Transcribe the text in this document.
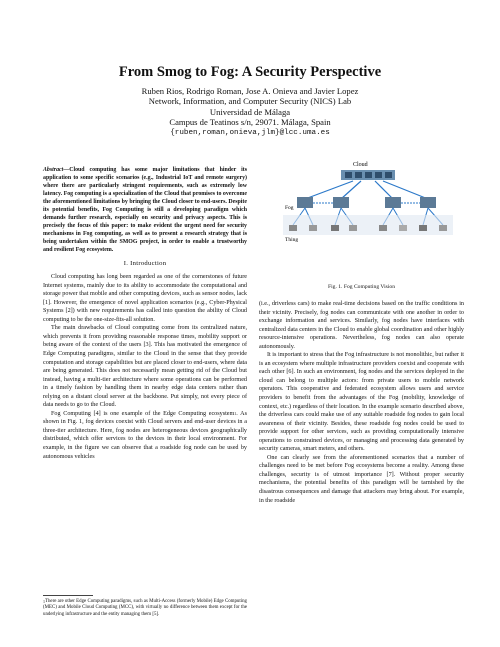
From Smog to Fog: A Security Perspective
Ruben Rios, Rodrigo Roman, Jose A. Onieva and Javier Lopez
Network, Information, and Computer Security (NICS) Lab
Universidad de Málaga
Campus de Teatinos s/n, 29071. Málaga, Spain
{ruben,roman,onieva,jlm}@lcc.uma.es
Abstract—Cloud computing has some major limitations that hinder its application to some specific scenarios (e.g., Industrial IoT and remote surgery) where there are particularly stringent requirements, such as extremely low latency. Fog computing is a specialization of the Cloud that promises to overcome the aforementioned limitations by bringing the Cloud closer to end-users. Despite its potential benefits, Fog Computing is still a developing paradigm which demands further research, especially on security and privacy aspects. This is precisely the focus of this paper: to make evident the urgent need for security mechanisms in Fog computing, as well as to present a research strategy that is being undertaken within the SMOG project, in order to enable a trustworthy and resilient Fog ecosystem.
I. Introduction

Cloud computing has long been regarded as one of the cornerstones of future Internet systems, mainly due to its ability to accommodate the computational and storage power that mobile and other computing devices, such as sensor nodes, lack [1]. However, the emergence of novel application scenarios (e.g., Cyber-Physical Systems [2]) with new requirements has called into question the ability of Cloud computing to be the one-size-fits-all solution.

The main drawbacks of Cloud computing come from its centralized nature, which prevents it from providing reasonable response times, mobility support or being aware of the context of the users [3]. This has motivated the emergence of Edge Computing paradigms, similar to the Cloud in the sense that they provide computation and storage capabilities but are placed closer to end-users, where data are being generated. This does not necessarily mean getting rid of the Cloud but instead, having a multi-tier architecture where some operations can be performed in a timely fashion by handling them in nearby edge data centers rather than relying on a distant cloud server at the backbone. Put simply, not every piece of data needs to go to the Cloud.

Fog Computing [4] is one example of the Edge Computing ecosystem$^1$. As shown in Fig. 1, fog devices coexist with Cloud servers and end-user devices in a three-tier architecture. Here, fog nodes are heterogeneous devices geographically distributed, which offer services to the devices in their local environment. For example, in the figure we can observe that a roadside fog node can be used by autonomous vehicles

$^1$There are other Edge Computing paradigms, such as Multi-Access (formerly Mobile) Edge Computing (MEC) and Mobile Cloud Computing (MCC), with virtually no difference between them except for the underlying infrastructure and the entity managing them [5].
Cloud
Fog
Thing
Fig. 1. Fog Computing Vision

(i.e., driverless cars) to make real-time decisions based on the traffic conditions in their vicinity. Precisely, fog nodes can communicate with one another in order to exchange information and services. Similarly, fog nodes have interfaces with centralized data centers in the Cloud to enable global coordination and other highly resource-intensive operations. Nevertheless, fog nodes can also operate autonomously.

It is important to stress that the Fog infrastructure is not monolithic, but rather it is an ecosystem where multiple infrastructure providers coexist and cooperate with each other [6]. In such an environment, fog nodes and the services deployed in the cloud can belong to multiple actors: from private users to mobile network operators. This cooperative and federated ecosystem allows users and service providers to benefit from the advantages of the Fog (mobility, knowledge of context, etc.) regardless of their location. In the example scenario described above, the driverless cars could make use of any suitable roadside fog nodes to gain local awareness of their vicinity. Besides, these roadside fog nodes could be used to provide support for other services, such as providing computationally intensive operations to constrained devices, or managing and processing data generated by security cameras, smart meters, and others.

One can clearly see from the aforementioned scenarios that a number of challenges need to be met before Fog ecosystems become a reality. Among these challenges, security is of utmost importance [7]. Without proper security mechanisms, the potential benefits of this paradigm will be tarnished by the disastrous consequences and damage that attackers may bring about. For example, in the roadside
